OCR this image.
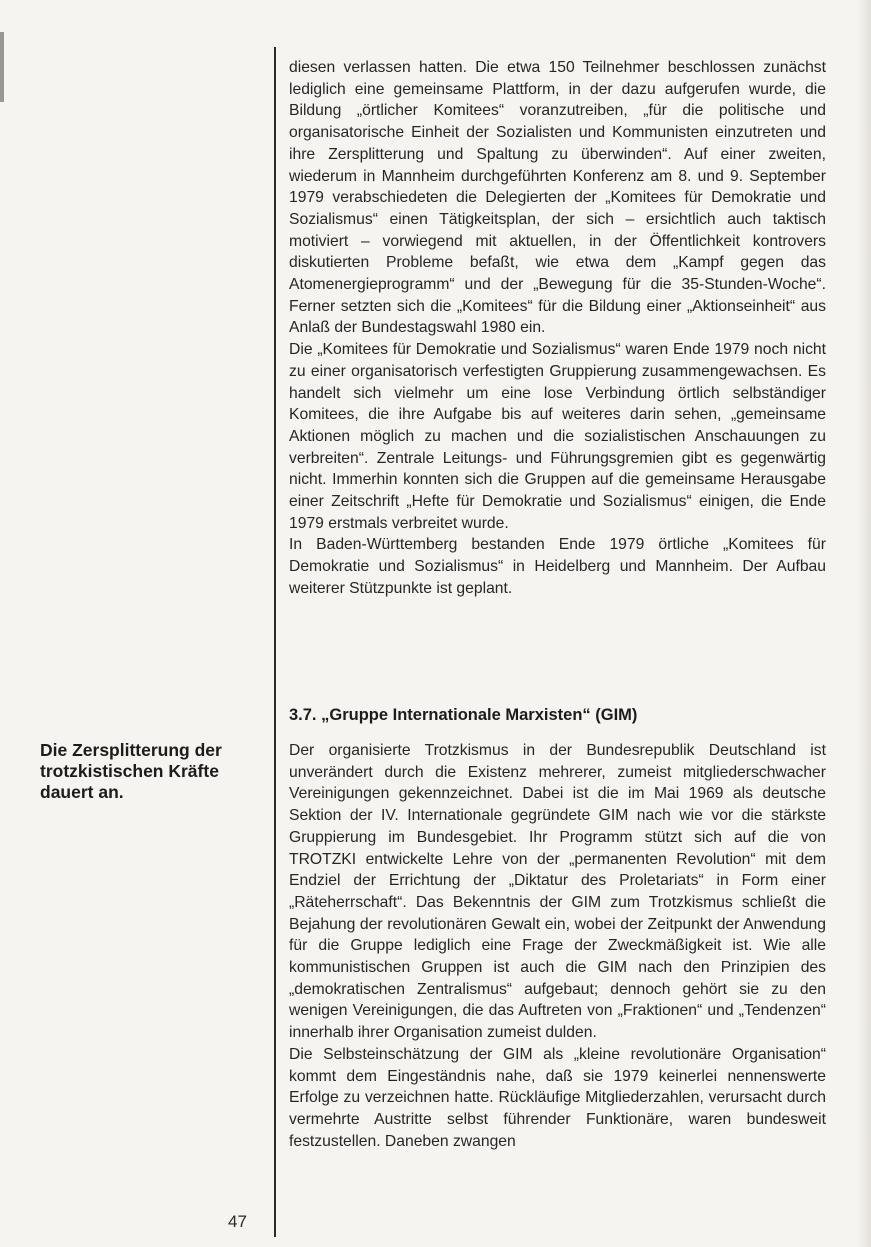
Die Zersplitterung der trotzkistischen Kräfte dauert an.
47

diesen verlassen hatten. Die etwa 150 Teilnehmer beschlossen zunächst lediglich eine gemeinsame Plattform, in der dazu aufgerufen wurde, die Bildung „örtlicher Komitees“ voranzutreiben, „für die politische und organisatorische Einheit der Sozialisten und Kommunisten einzutreten und ihre Zersplitterung und Spaltung zu überwinden“. Auf einer zweiten, wiederum in Mannheim durchgeführten Konferenz am 8. und 9. September 1979 verabschiedeten die Delegierten der „Komitees für Demokratie und Sozialismus“ einen Tätigkeitsplan, der sich – ersichtlich auch taktisch motiviert – vorwiegend mit aktuellen, in der Öffentlichkeit kontrovers diskutierten Probleme befaßt, wie etwa dem „Kampf gegen das Atomenergieprogramm“ und der „Bewegung für die 35-Stunden-Woche“. Ferner setzten sich die „Komitees“ für die Bildung einer „Aktionseinheit“ aus Anlaß der Bundestagswahl 1980 ein.

Die „Komitees für Demokratie und Sozialismus“ waren Ende 1979 noch nicht zu einer organisatorisch verfestigten Gruppierung zusammengewachsen. Es handelt sich vielmehr um eine lose Verbindung örtlich selbständiger Komitees, die ihre Aufgabe bis auf weiteres darin sehen, „gemeinsame Aktionen möglich zu machen und die sozialistischen Anschauungen zu verbreiten“. Zentrale Leitungs- und Führungsgremien gibt es gegenwärtig nicht. Immerhin konnten sich die Gruppen auf die gemeinsame Herausgabe einer Zeitschrift „Hefte für Demokratie und Sozialismus“ einigen, die Ende 1979 erstmals verbreitet wurde.

In Baden-Württemberg bestanden Ende 1979 örtliche „Komitees für Demokratie und Sozialismus“ in Heidelberg und Mannheim. Der Aufbau weiterer Stützpunkte ist geplant.

3.7. „Gruppe Internationale Marxisten“ (GIM)

Der organisierte Trotzkismus in der Bundesrepublik Deutschland ist unverändert durch die Existenz mehrerer, zumeist mitgliederschwacher Vereinigungen gekennzeichnet. Dabei ist die im Mai 1969 als deutsche Sektion der IV. Internationale gegründete GIM nach wie vor die stärkste Gruppierung im Bundesgebiet. Ihr Programm stützt sich auf die von TROTZKI entwickelte Lehre von der „permanenten Revolution“ mit dem Endziel der Errichtung der „Diktatur des Proletariats“ in Form einer „Räteherrschaft“. Das Bekenntnis der GIM zum Trotzkismus schließt die Bejahung der revolutionären Gewalt ein, wobei der Zeitpunkt der Anwendung für die Gruppe lediglich eine Frage der Zweckmäßigkeit ist. Wie alle kommunistischen Gruppen ist auch die GIM nach den Prinzipien des „demokratischen Zentralismus“ aufgebaut; dennoch gehört sie zu den wenigen Vereinigungen, die das Auftreten von „Fraktionen“ und „Tendenzen“ innerhalb ihrer Organisation zumeist dulden.

Die Selbsteinschätzung der GIM als „kleine revolutionäre Organisation“ kommt dem Eingeständnis nahe, daß sie 1979 keinerlei nennenswerte Erfolge zu verzeichnen hatte. Rückläufige Mitgliederzahlen, verursacht durch vermehrte Austritte selbst führender Funktionäre, waren bundesweit festzustellen. Daneben zwangen
